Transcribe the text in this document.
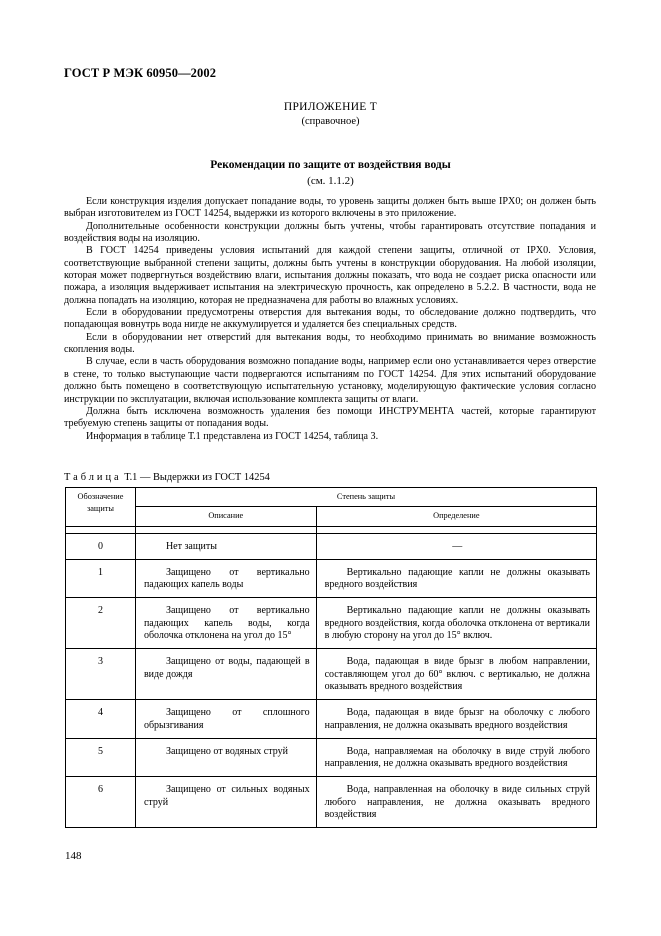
ГОСТ Р МЭК 60950—2002
ПРИЛОЖЕНИЕ Т
(справочное)
Рекомендации по защите от воздействия воды
(см. 1.1.2)

Если конструкция изделия допускает попадание воды, то уровень защиты должен быть выше IPX0; он должен быть выбран изготовителем из ГОСТ 14254, выдержки из которого включены в это приложение.

Дополнительные особенности конструкции должны быть учтены, чтобы гарантировать отсутствие попадания и воздействия воды на изоляцию.

В ГОСТ 14254 приведены условия испытаний для каждой степени защиты, отличной от IPX0. Условия, соответствующие выбранной степени защиты, должны быть учтены в конструкции оборудования. На любой изоляции, которая может подвергнуться воздействию влаги, испытания должны показать, что вода не создает риска опасности или пожара, а изоляция выдерживает испытания на электрическую прочность, как определено в 5.2.2. В частности, вода не должна попадать на изоляцию, которая не предназначена для работы во влажных условиях.

Если в оборудовании предусмотрены отверстия для вытекания воды, то обследование должно подтвердить, что попадающая вовнутрь вода нигде не аккумулируется и удаляется без специальных средств.

Если в оборудовании нет отверстий для вытекания воды, то необходимо принимать во внимание возможность скопления воды.

В случае, если в часть оборудования возможно попадание воды, например если оно устанавливается через отверстие в стене, то только выступающие части подвергаются испытаниям по ГОСТ 14254. Для этих испытаний оборудование должно быть помещено в соответствующую испытательную установку, моделирующую фактические условия согласно инструкции по эксплуатации, включая использование комплекта защиты от влаги.

Должна быть исключена возможность удаления без помощи ИНСТРУМЕНТА частей, которые гарантируют требуемую степень защиты от попадания воды.

Информация в таблице Т.1 представлена из ГОСТ 14254, таблица 3.

Таблица Т.1 — Выдержки из ГОСТ 14254
Обозначение защиты	Степень защиты	
	Описание	Определение

0	Нет защиты	—
1	Защищено от вертикально падающих капель воды	Вертикально падающие капли не должны оказывать вредного воздействия
2	Защищено от вертикально падающих капель воды, когда оболочка отклонена на угол до 15°	Вертикально падающие капли не должны оказывать вредного воздействия, когда оболочка отклонена от вертикали в любую сторону на угол до 15° включ.
3	Защищено от воды, падающей в виде дождя	Вода, падающая в виде брызг в любом направлении, составляющем угол до 60° включ. с вертикалью, не должна оказывать вредного воздействия
4	Защищено от сплошного обрызгивания	Вода, падающая в виде брызг на оболочку с любого направления, не должна оказывать вредного воздействия
5	Защищено от водяных струй	Вода, направляемая на оболочку в виде струй любого направления, не должна оказывать вредного воздействия
6	Защищено от сильных водяных струй	Вода, направленная на оболочку в виде сильных струй любого направления, не должна оказывать вредного воздействия
148
